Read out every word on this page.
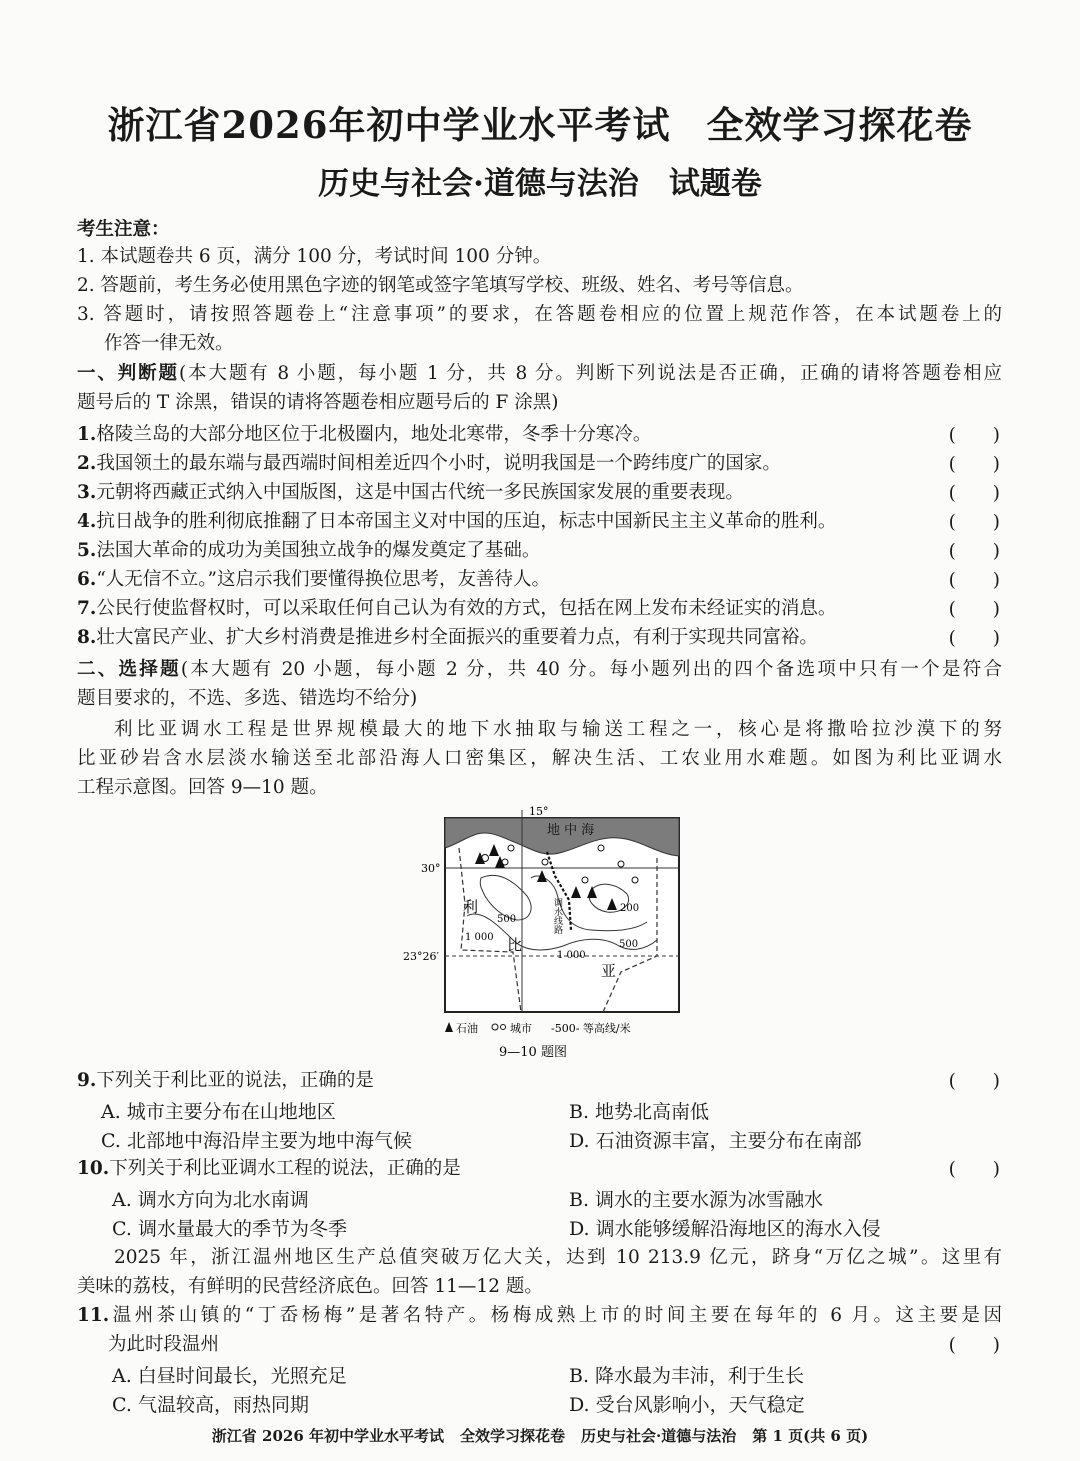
浙江省2026年初中学业水平考试 全效学习探花卷
历史与社会·道德与法治 试题卷
考生注意：
1. 本试题卷共 6 页，满分 100 分，考试时间 100 分钟。
2. 答题前，考生务必使用黑色字迹的钢笔或签字笔填写学校、班级、姓名、考号等信息。
3. 答题时，请按照答题卷上“注意事项”的要求，在答题卷相应的位置上规范作答，在本试题卷上的
作答一律无效。
一、判断题(本大题有 8 小题，每小题 1 分，共 8 分。判断下列说法是否正确，正确的请将答题卷相应
题号后的 T 涂黑，错误的请将答题卷相应题号后的 F 涂黑)
1.格陵兰岛的大部分地区位于北极圈内，地处北寒带，冬季十分寒冷。	(　　)
2.我国领土的最东端与最西端时间相差近四个小时，说明我国是一个跨纬度广的国家。	(　　)
3.元朝将西藏正式纳入中国版图，这是中国古代统一多民族国家发展的重要表现。	(　　)
4.抗日战争的胜利彻底推翻了日本帝国主义对中国的压迫，标志中国新民主主义革命的胜利。	(　　)
5.法国大革命的成功为美国独立战争的爆发奠定了基础。	(　　)
6.“人无信不立。”这启示我们要懂得换位思考，友善待人。	(　　)
7.公民行使监督权时，可以采取任何自己认为有效的方式，包括在网上发布未经证实的消息。	(　　)
8.壮大富民产业、扩大乡村消费是推进乡村全面振兴的重要着力点，有利于实现共同富裕。	(　　)
二、选择题(本大题有 20 小题，每小题 2 分，共 40 分。每小题列出的四个备选项中只有一个是符合
题目要求的，不选、多选、错选均不给分)
利比亚调水工程是世界规模最大的地下水抽取与输送工程之一，核心是将撒哈拉沙漠下的努
比亚砂岩含水层淡水输送至北部沿海人口密集区，解决生活、工农业用水难题。如图为利比亚调水
工程示意图。回答 9—10 题。
地 中 海
15°
30°
23°26′
调水线路
利
比
亚
500
1 000
1 000
200
500
石油	城市 -500- 等高线/米
9—10 题图
9.下列关于利比亚的说法，正确的是	(　　)
A. 城市主要分布在山地地区	B. 地势北高南低
C. 北部地中海沿岸主要为地中海气候	D. 石油资源丰富，主要分布在南部
10.下列关于利比亚调水工程的说法，正确的是	(　　)
A. 调水方向为北水南调	B. 调水的主要水源为冰雪融水
C. 调水量最大的季节为冬季	D. 调水能够缓解沿海地区的海水入侵
2025 年，浙江温州地区生产总值突破万亿大关，达到 10 213.9 亿元，跻身“万亿之城”。这里有
美味的荔枝，有鲜明的民营经济底色。回答 11—12 题。
11.温州茶山镇的“丁岙杨梅”是著名特产。杨梅成熟上市的时间主要在每年的 6 月。这主要是因
为此时段温州	(　　)
A. 白昼时间最长，光照充足	B. 降水最为丰沛，利于生长
C. 气温较高，雨热同期	D. 受台风影响小，天气稳定
浙江省 2026 年初中学业水平考试 全效学习探花卷 历史与社会·道德与法治 第 1 页(共 6 页)
